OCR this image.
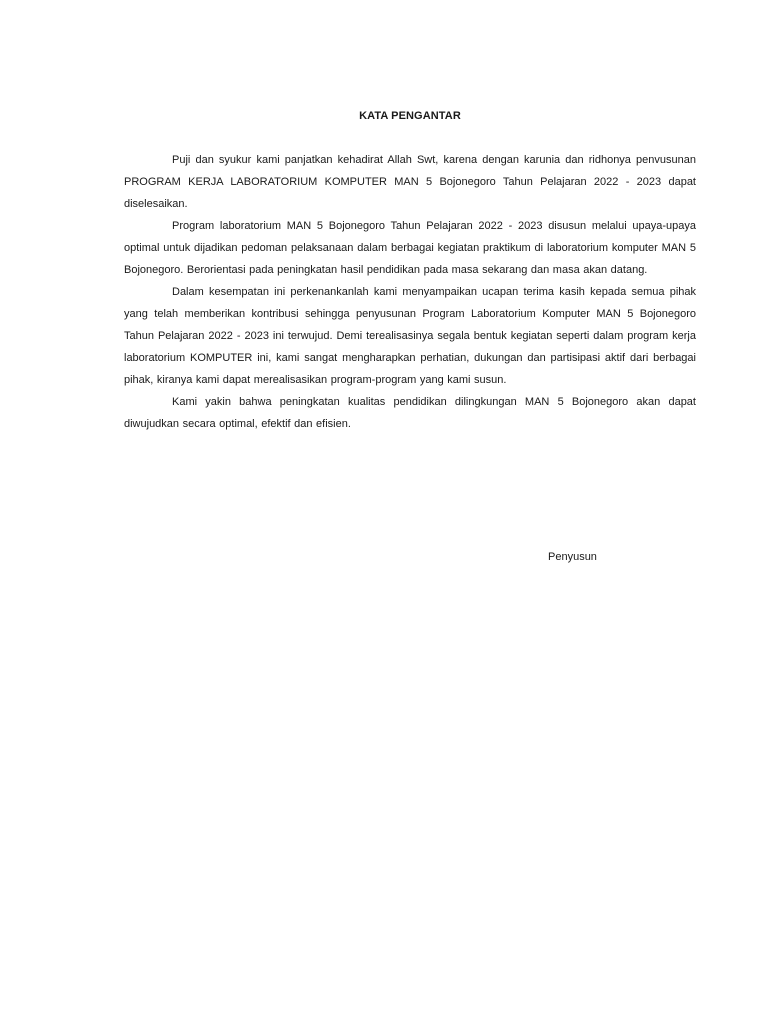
KATA PENGANTAR

Puji dan syukur kami panjatkan kehadirat Allah Swt, karena dengan karunia dan ridhonya penvusunan PROGRAM KERJA LABORATORIUM KOMPUTER MAN 5 Bojonegoro Tahun Pelajaran 2022 - 2023 dapat diselesaikan.

Program laboratorium MAN 5 Bojonegoro Tahun Pelajaran 2022 - 2023 disusun melalui upaya-upaya optimal untuk dijadikan pedoman pelaksanaan dalam berbagai kegiatan praktikum di laboratorium komputer MAN 5 Bojonegoro. Berorientasi pada peningkatan hasil pendidikan pada masa sekarang dan masa akan datang.

Dalam kesempatan ini perkenankanlah kami menyampaikan ucapan terima kasih kepada semua pihak yang telah memberikan kontribusi sehingga penyusunan Program Laboratorium Komputer MAN 5 Bojonegoro Tahun Pelajaran 2022 - 2023 ini terwujud. Demi terealisasinya segala bentuk kegiatan seperti dalam program kerja laboratorium KOMPUTER ini, kami sangat mengharapkan perhatian, dukungan dan partisipasi aktif dari berbagai pihak, kiranya kami dapat merealisasikan program-program yang kami susun.

Kami yakin bahwa peningkatan kualitas pendidikan dilingkungan MAN 5 Bojonegoro akan dapat diwujudkan secara optimal, efektif dan efisien.

Penyusun
